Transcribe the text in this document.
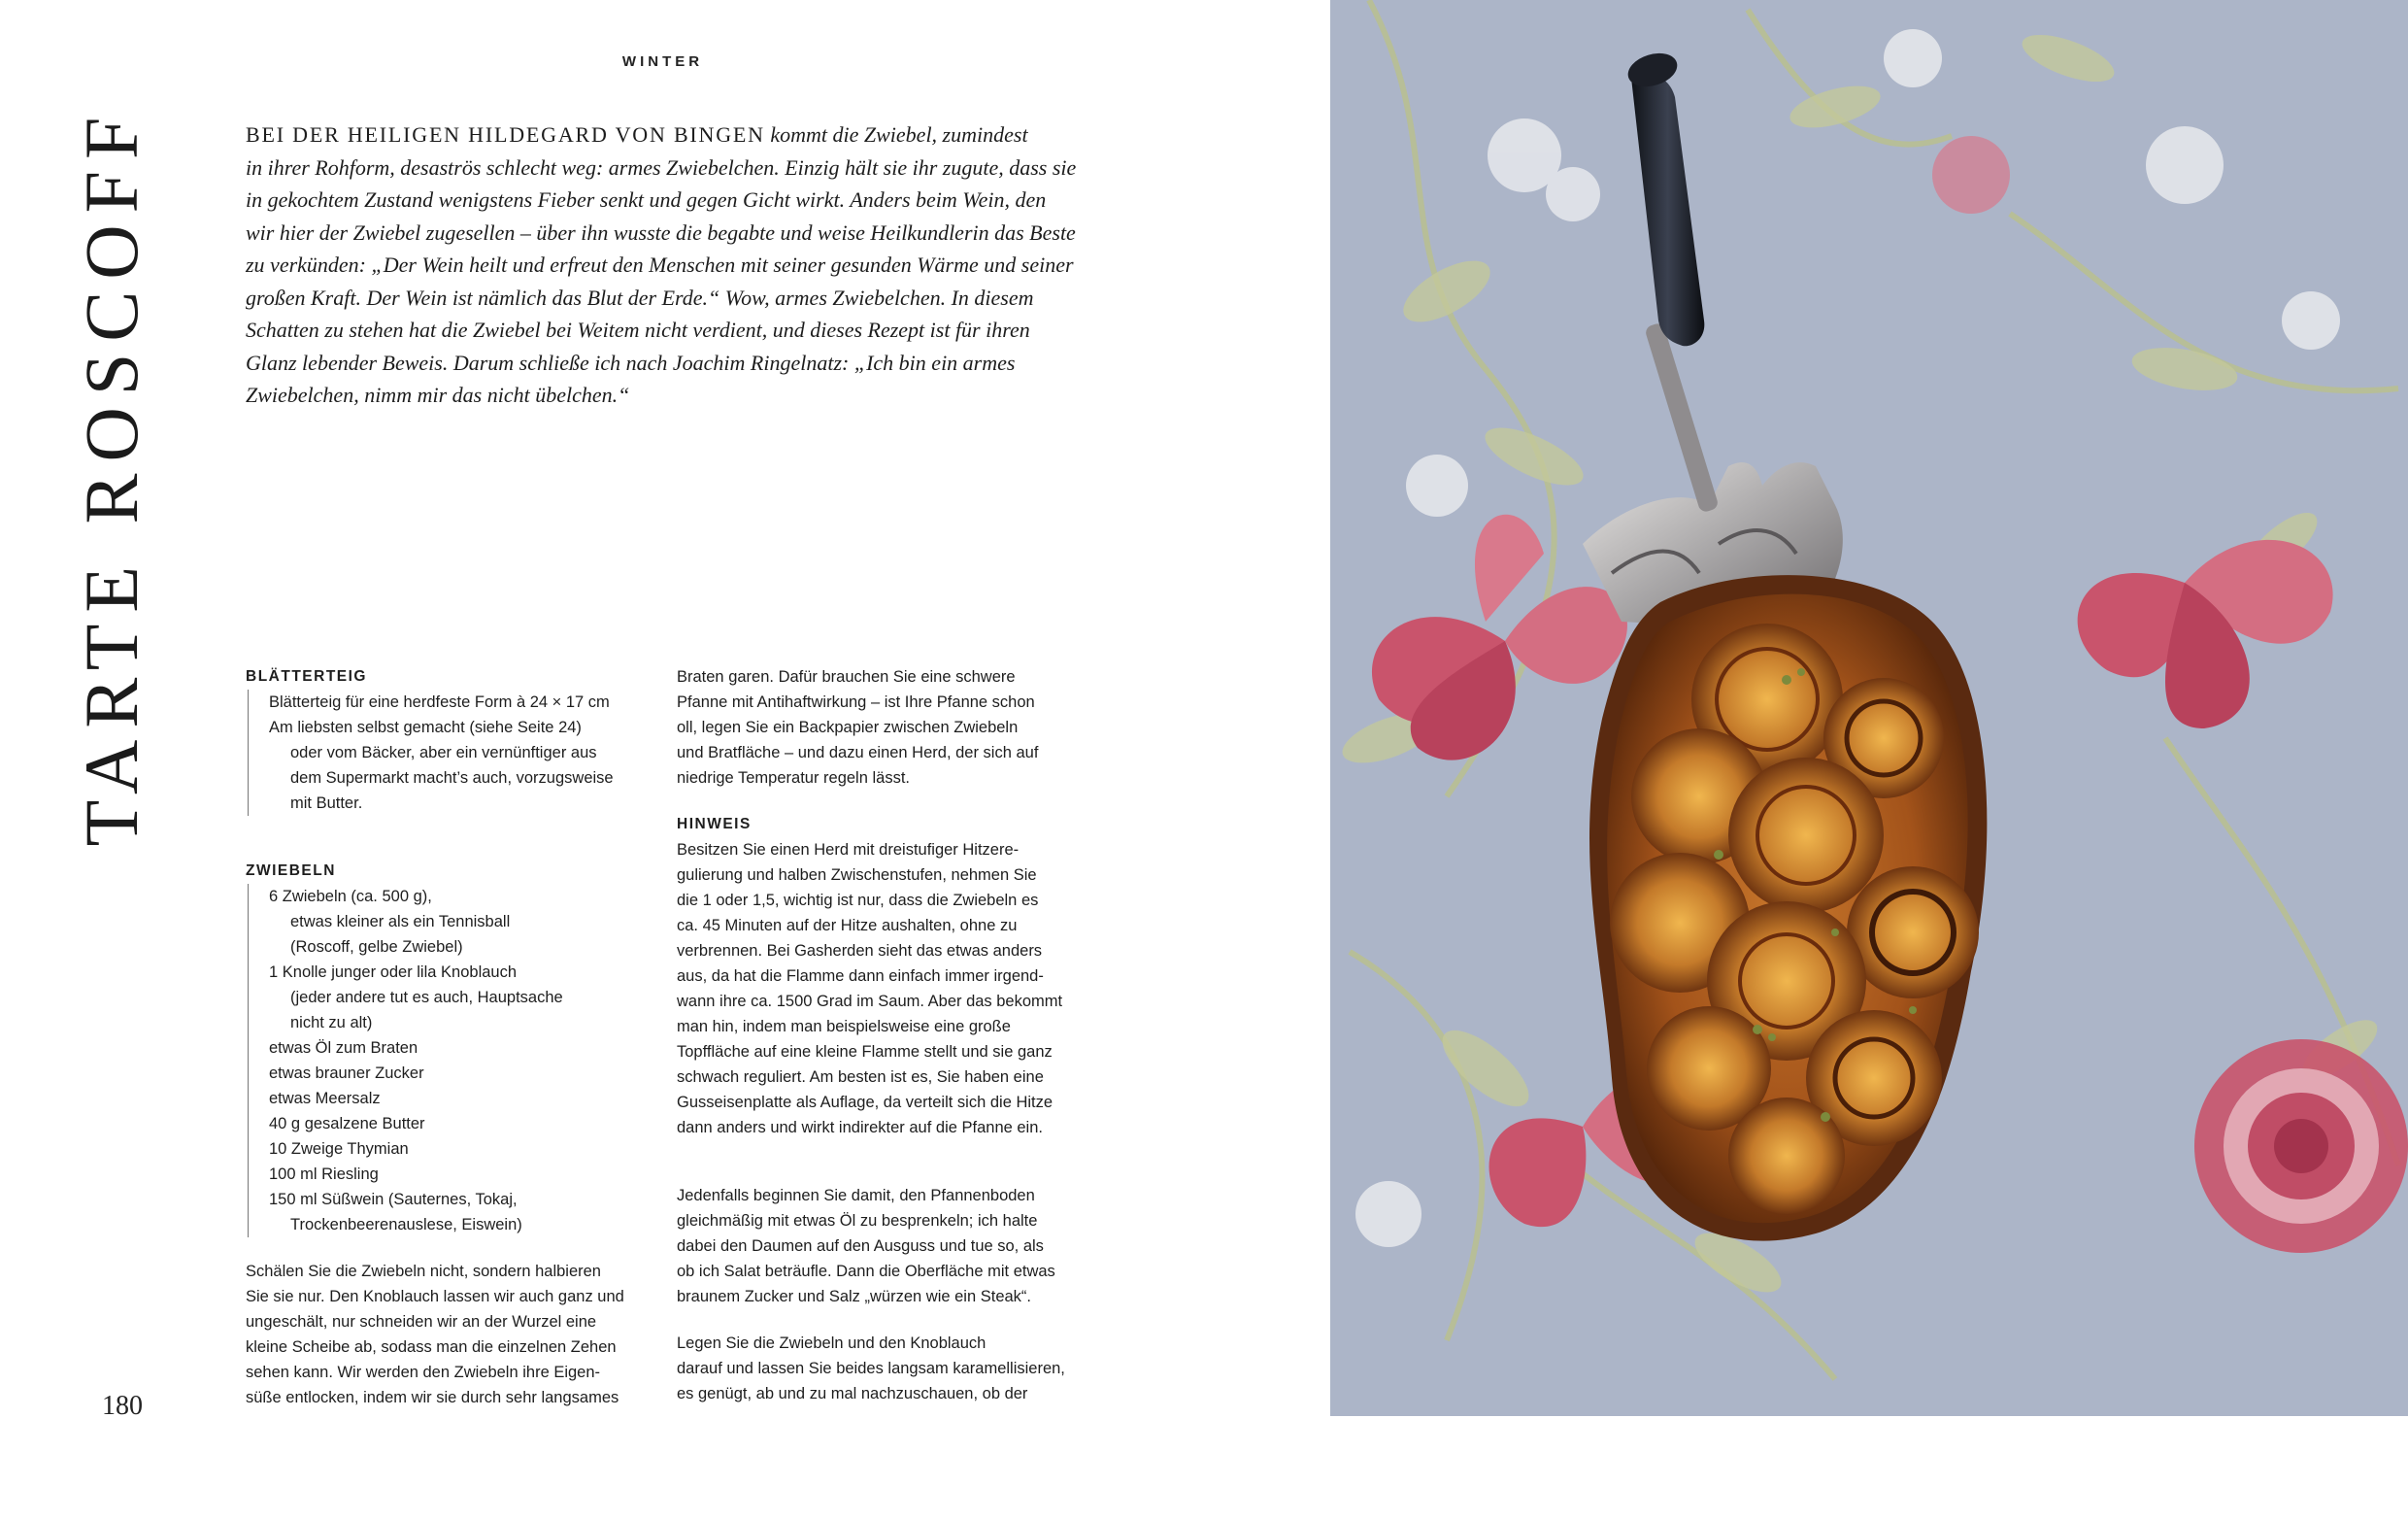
WINTER
TARTE ROSCOFF	BEI DER HEILIGEN HILDEGARD VON BINGEN kommt die Zwiebel, zumindest
in ihrer Rohform, desaströs schlecht weg: armes Zwiebelchen. Einzig hält sie ihr zugute, dass sie
in gekochtem Zustand wenigstens Fieber senkt und gegen Gicht wirkt. Anders beim Wein, den
wir hier der Zwiebel zugesellen – über ihn wusste die begabte und weise Heilkundlerin das Beste
zu verkünden: „Der Wein heilt und erfreut den Menschen mit seiner gesunden Wärme und seiner
großen Kraft. Der Wein ist nämlich das Blut der Erde.“ Wow, armes Zwiebelchen. In diesem
Schatten zu stehen hat die Zwiebel bei Weitem nicht verdient, und dieses Rezept ist für ihren
Glanz lebender Beweis. Darum schließe ich nach Joachim Ringelnatz: „Ich bin ein armes
Zwiebelchen, nimm mir das nicht übelchen.“

BLÄTTERTEIG

Blätterteig für eine herdfeste Form à 24 × 17 cm
Am liebsten selbst gemacht (siehe Seite 24)
oder vom Bäcker, aber ein vernünftiger aus
dem Supermarkt macht’s auch, vorzugsweise
mit Butter.

ZWIEBELN

6 Zwiebeln (ca. 500 g),
etwas kleiner als ein Tennisball
(Roscoff, gelbe Zwiebel)
1 Knolle junger oder lila Knoblauch
(jeder andere tut es auch, Hauptsache
nicht zu alt)
etwas Öl zum Braten
etwas brauner Zucker
etwas Meersalz
40 g gesalzene Butter
10 Zweige Thymian
100 ml Riesling
150 ml Süßwein (Sauternes, Tokaj,
Trockenbeerenauslese, Eiswein)
Schälen Sie die Zwiebeln nicht, sondern halbieren
Sie sie nur. Den Knoblauch lassen wir auch ganz und
ungeschält, nur schneiden wir an der Wurzel eine
kleine Scheibe ab, sodass man die einzelnen Zehen
sehen kann. Wir werden den Zwiebeln ihre Eigen-
süße entlocken, indem wir sie durch sehr langsames
Braten garen. Dafür brauchen Sie eine schwere
Pfanne mit Antihaftwirkung – ist Ihre Pfanne schon
oll, legen Sie ein Backpapier zwischen Zwiebeln
und Bratfläche – und dazu einen Herd, der sich auf
niedrige Temperatur regeln lässt.

HINWEIS

Besitzen Sie einen Herd mit dreistufiger Hitzere-
gulierung und halben Zwischenstufen, nehmen Sie
die 1 oder 1,5, wichtig ist nur, dass die Zwiebeln es
ca. 45 Minuten auf der Hitze aushalten, ohne zu
verbrennen. Bei Gasherden sieht das etwas anders
aus, da hat die Flamme dann einfach immer irgend-
wann ihre ca. 1500 Grad im Saum. Aber das bekommt
man hin, indem man beispielsweise eine große
Topffläche auf eine kleine Flamme stellt und sie ganz
schwach reguliert. Am besten ist es, Sie haben eine
Gusseisenplatte als Auflage, da verteilt sich die Hitze
dann anders und wirkt indirekter auf die Pfanne ein.
Jedenfalls beginnen Sie damit, den Pfannenboden
gleichmäßig mit etwas Öl zu besprenkeln; ich halte
dabei den Daumen auf den Ausguss und tue so, als
ob ich Salat beträufle. Dann die Oberfläche mit etwas
braunem Zucker und Salz „würzen wie ein Steak“.
Legen Sie die Zwiebeln und den Knoblauch
darauf und lassen Sie beides langsam karamellisieren,
es genügt, ab und zu mal nachzuschauen, ob der
180
